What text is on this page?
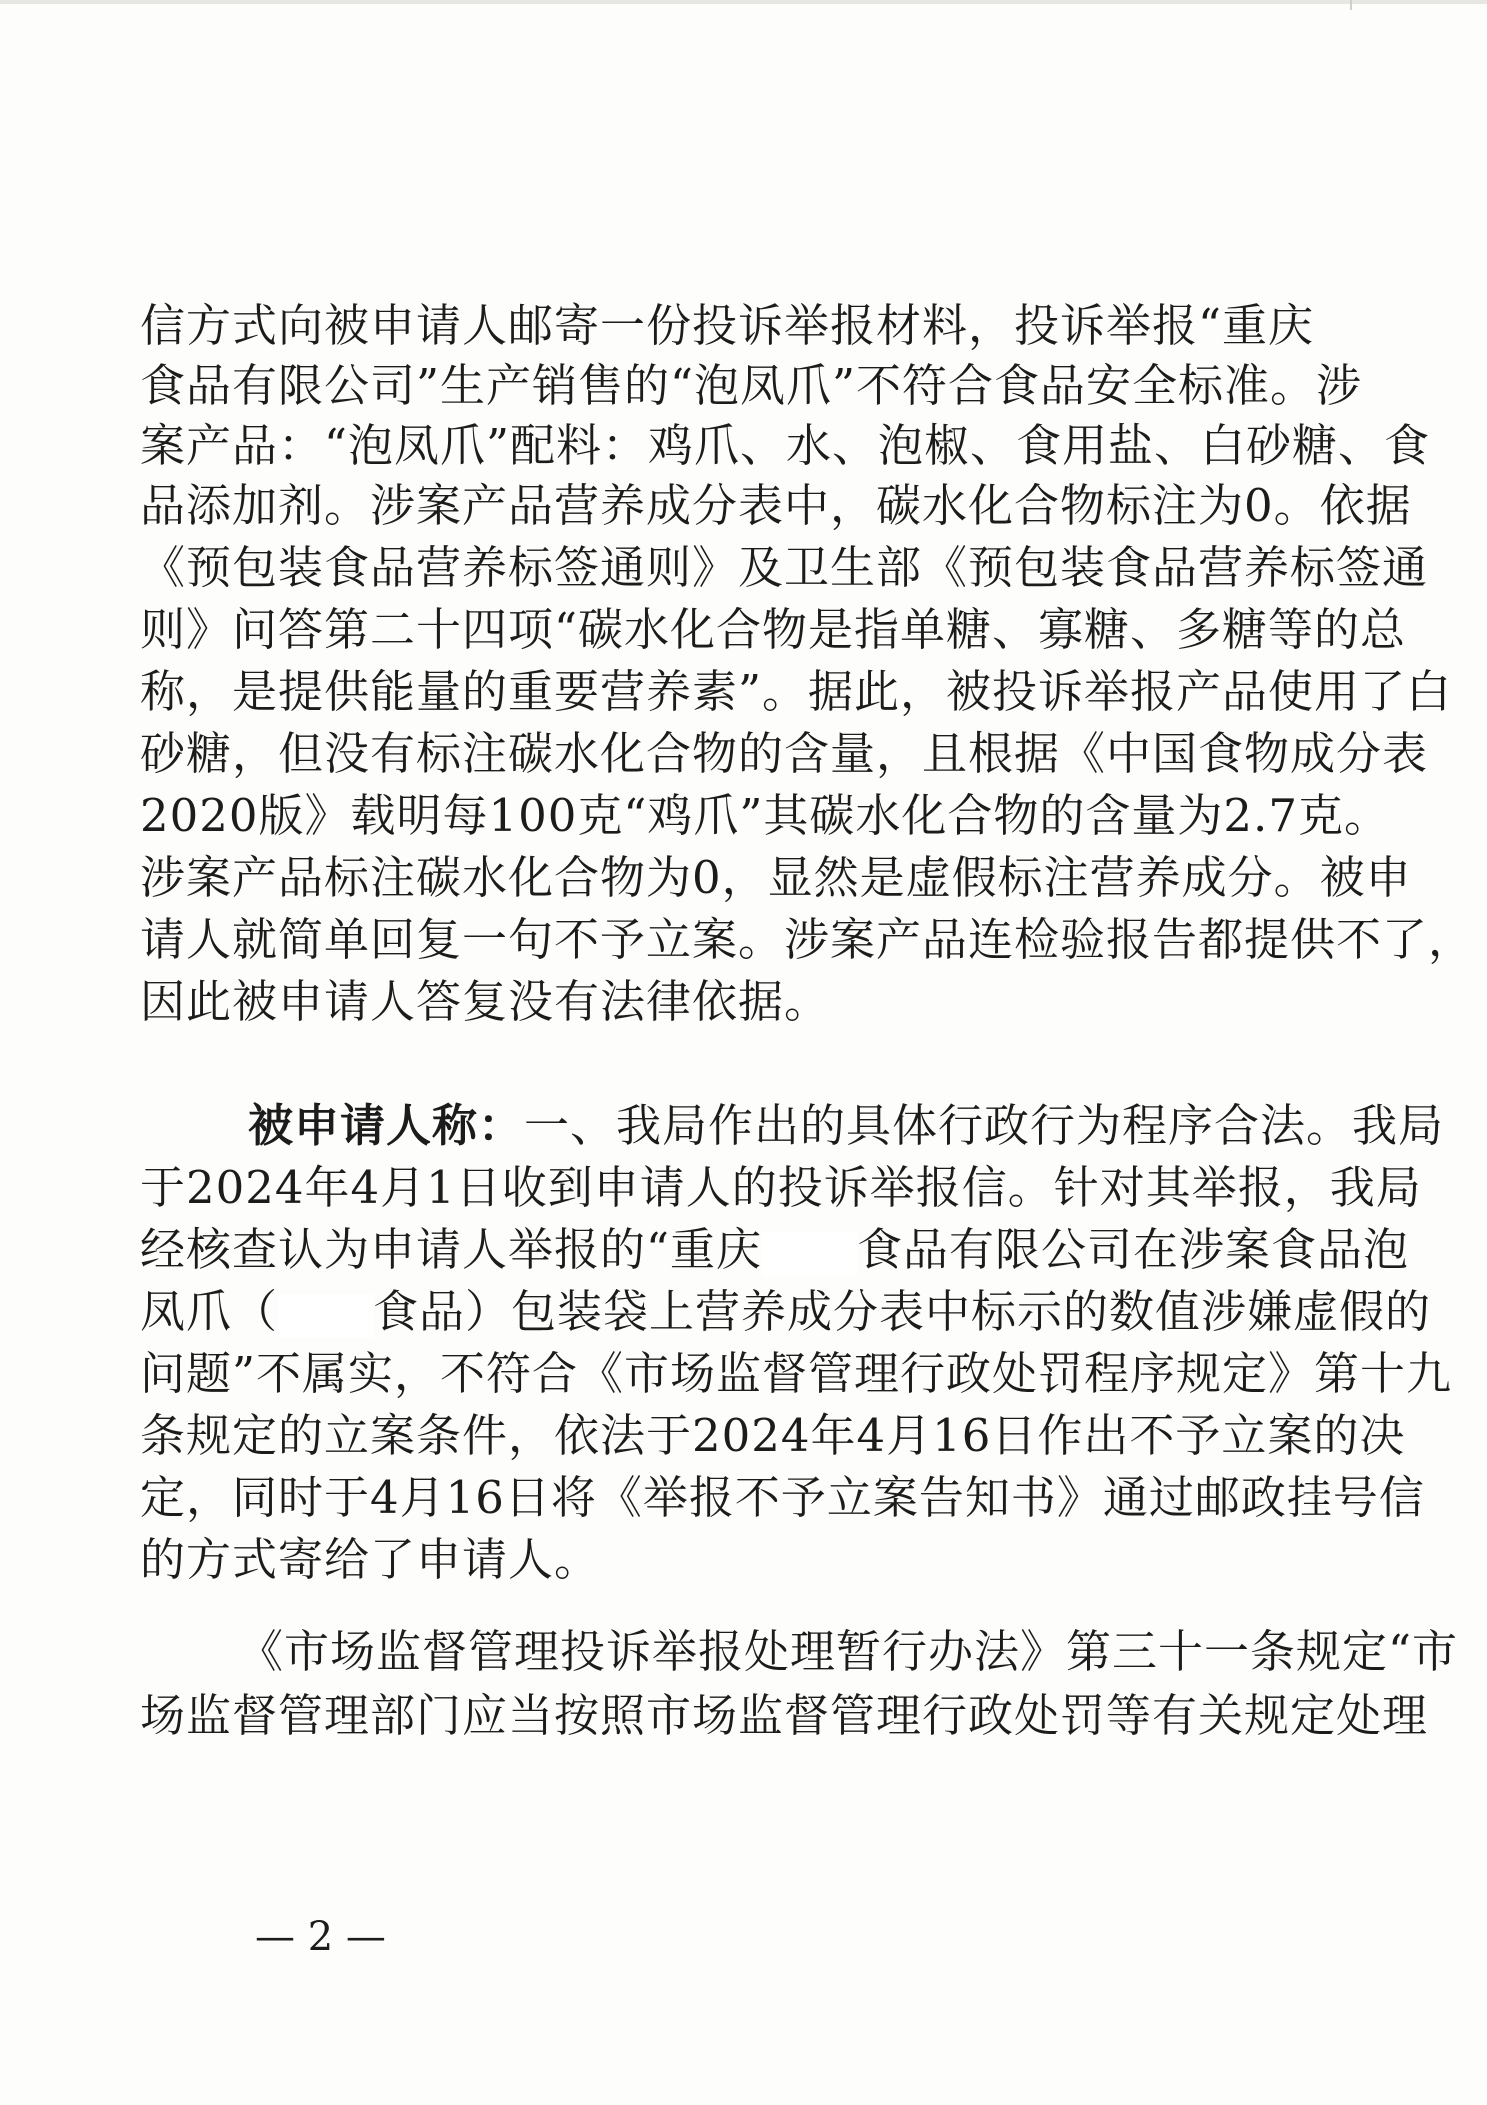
信方式向被申请人邮寄一份投诉举报材料，投诉举报“重庆
食品有限公司”生产销售的“泡凤爪”不符合食品安全标准。涉
案产品：“泡凤爪”配料：鸡爪、水、泡椒、食用盐、白砂糖、食
品添加剂。涉案产品营养成分表中，碳水化合物标注为0。依据
《预包装食品营养标签通则》及卫生部《预包装食品营养标签通
则》问答第二十四项“碳水化合物是指单糖、寡糖、多糖等的总
称，是提供能量的重要营养素”。据此，被投诉举报产品使用了白
砂糖，但没有标注碳水化合物的含量，且根据《中国食物成分表
2020版》载明每100克“鸡爪”其碳水化合物的含量为2.7克。
涉案产品标注碳水化合物为0，显然是虚假标注营养成分。被申
请人就简单回复一句不予立案。涉案产品连检验报告都提供不了，
因此被申请人答复没有法律依据。
被申请人称：一、我局作出的具体行政行为程序合法。我局
于2024年4月1日收到申请人的投诉举报信。针对其举报，我局
经核查认为申请人举报的“重庆 食品有限公司在涉案食品泡
凤爪（ 食品）包装袋上营养成分表中标示的数值涉嫌虚假的
问题”不属实，不符合《市场监督管理行政处罚程序规定》第十九
条规定的立案条件，依法于2024年4月16日作出不予立案的决
定，同时于4月16日将《举报不予立案告知书》通过邮政挂号信
的方式寄给了申请人。
《市场监督管理投诉举报处理暂行办法》第三十一条规定“市
场监督管理部门应当按照市场监督管理行政处罚等有关规定处理
— 2 —
